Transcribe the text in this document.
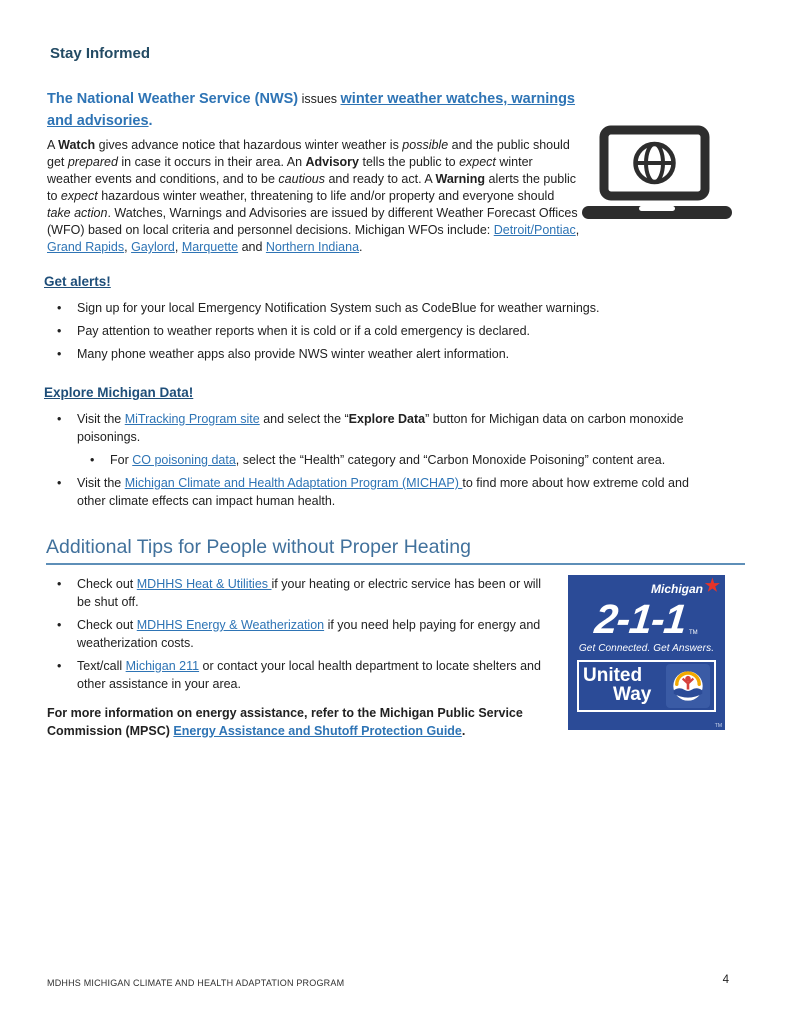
Stay Informed

The National Weather Service (NWS) issues winter weather watches, warnings and advisories.

A Watch gives advance notice that hazardous winter weather is possible and the public should get prepared in case it occurs in their area. An Advisory tells the public to expect winter weather events and conditions, and to be cautious and ready to act. A Warning alerts the public to expect hazardous winter weather, threatening to life and/or property and everyone should take action. Watches, Warnings and Advisories are issued by different Weather Forecast Offices (WFO) based on local criteria and personnel decisions. Michigan WFOs include: Detroit/Pontiac, Grand Rapids, Gaylord, Marquette and Northern Indiana.

Get alerts!
• Sign up for your local Emergency Notification System such as CodeBlue for weather warnings.
• Pay attention to weather reports when it is cold or if a cold emergency is declared.
• Many phone weather apps also provide NWS winter weather alert information.
Explore Michigan Data!
• Visit the MiTracking Program site and select the “Explore Data” button for Michigan data on carbon monoxide poisonings.
• For CO poisoning data, select the “Health” category and “Carbon Monoxide Poisoning” content area.
• Visit the Michigan Climate and Health Adaptation Program (MICHAP) to find more about how extreme cold and other climate effects can impact human health.
Additional Tips for People without Proper Heating
• Check out MDHHS Heat & Utilities if your heating or electric service has been or will be shut off.
• Check out MDHHS Energy & Weatherization if you need help paying for energy and weatherization costs.
• Text/call Michigan 211 or contact your local health department to locate shelters and other assistance in your area.

For more information on energy assistance, refer to the Michigan Public Service Commission (MPSC) Energy Assistance and Shutoff Protection Guide.

Michigan ★
2-1-1 TM
Get Connected. Get Answers.
United
Way
TM
MDHHS MICHIGAN CLIMATE AND HEALTH ADAPTATION PROGRAM	4
